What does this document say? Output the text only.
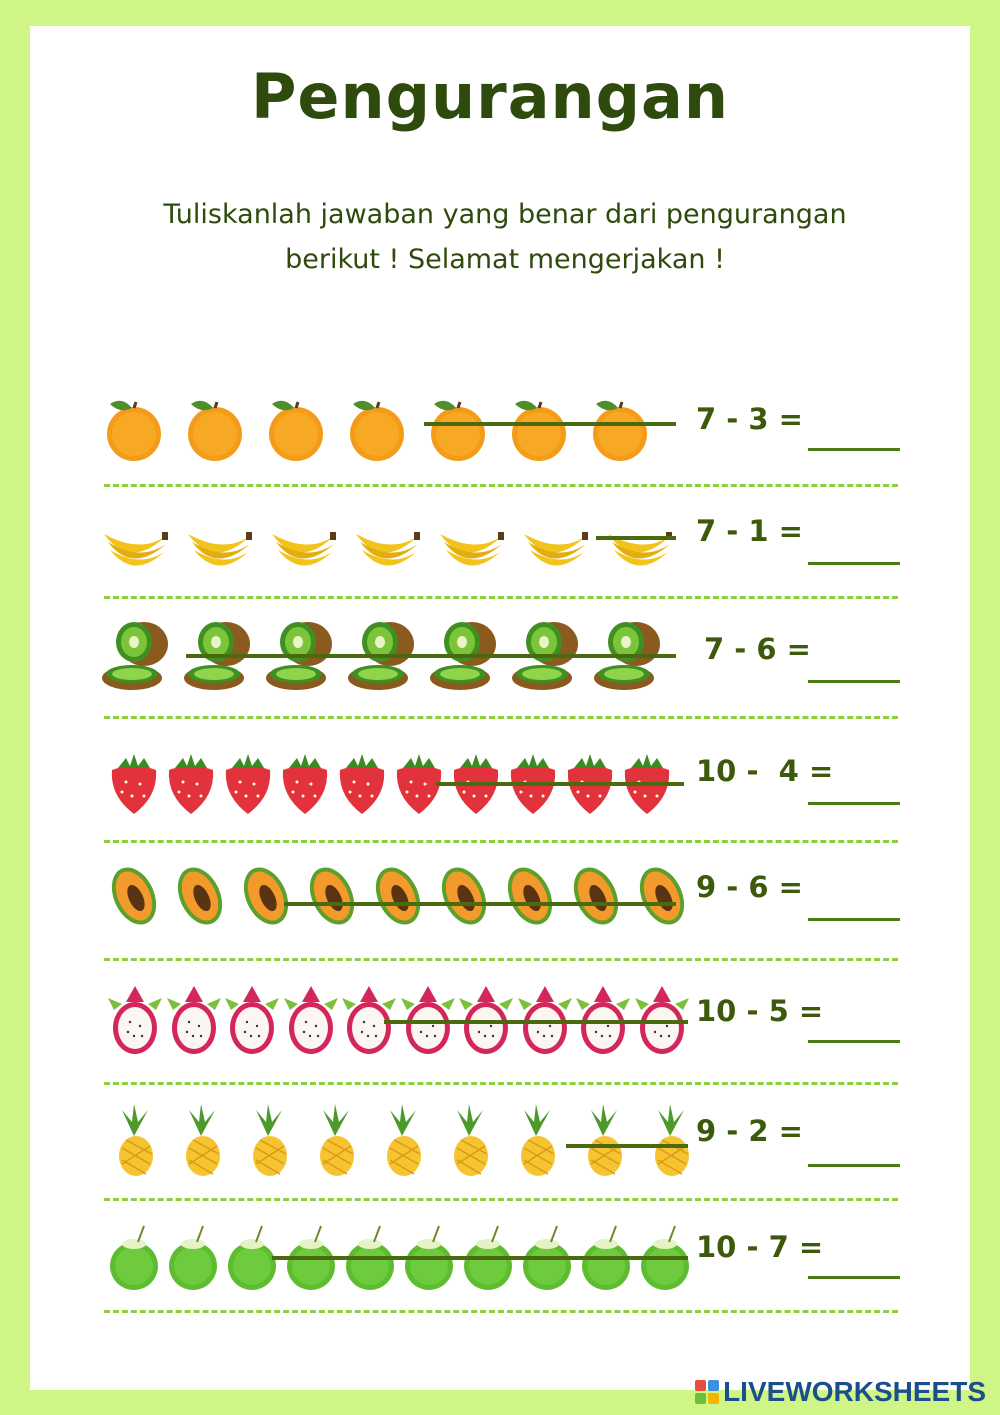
Pengurangan
Tuliskanlah jawaban yang benar dari pengurangan
berikut ! Selamat mengerjakan !
7 - 3 =
7 - 1 =
7 - 6 =
10 -  4 =
9 - 6 =
10 - 5 =
9 - 2 =
10 - 7 =
LIVEWORKSHEETS
